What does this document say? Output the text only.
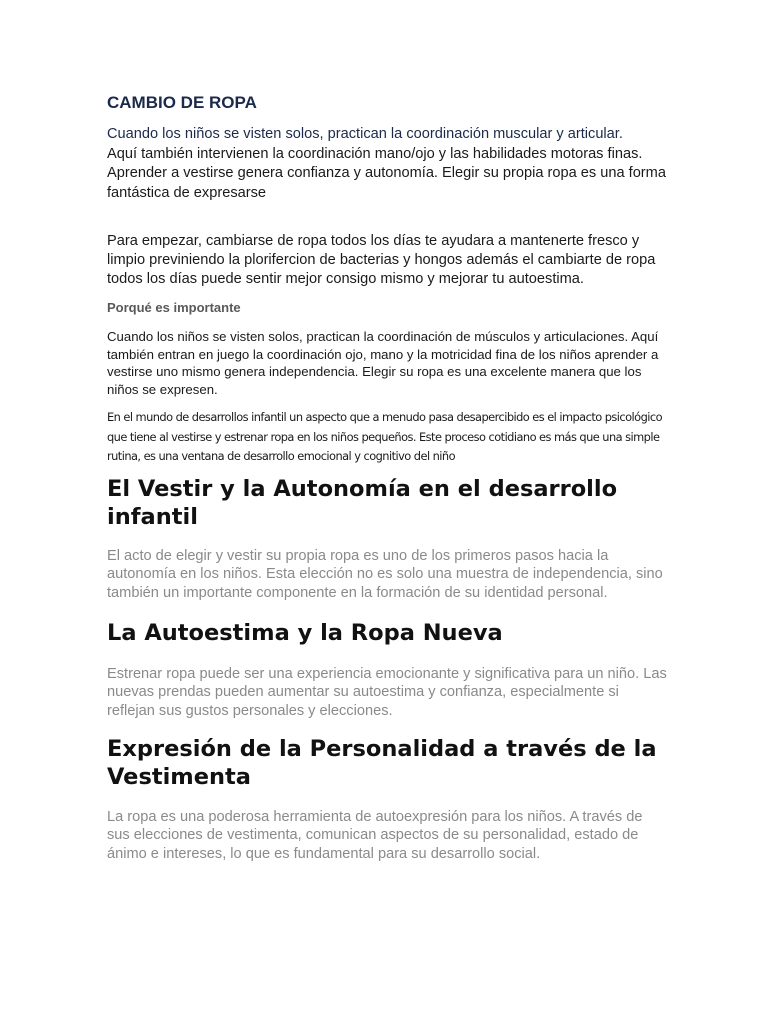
CAMBIO DE ROPA

Cuando los niños se visten solos, practican la coordinación muscular y articular.
Aquí también intervienen la coordinación mano/ojo y las habilidades motoras finas. Aprender a vestirse genera confianza y autonomía. Elegir su propia ropa es una forma fantástica de expresarse

Para empezar, cambiarse de ropa todos los días te ayudara a mantenerte fresco y limpio previniendo la plorifercion de bacterias y hongos además el cambiarte de ropa todos los días puede sentir mejor consigo mismo y mejorar tu autoestima.

Porqué es importante

Cuando los niños se visten solos, practican la coordinación de músculos y articulaciones. Aquí también entran en juego la coordinación ojo, mano y la motricidad fina de los niños aprender a vestirse uno mismo genera independencia. Elegir su ropa es una excelente manera que los niños se expresen.

En el mundo de desarrollos infantil un aspecto que a menudo pasa desapercibido es el impacto psicológico que tiene al vestirse y estrenar ropa en los niños pequeños. Este proceso cotidiano es más que una simple rutina, es una ventana de desarrollo emocional y cognitivo del niño

El Vestir y la Autonomía en el desarrollo infantil

El acto de elegir y vestir su propia ropa es uno de los primeros pasos hacia la autonomía en los niños. Esta elección no es solo una muestra de independencia, sino también un importante componente en la formación de su identidad personal.

La Autoestima y la Ropa Nueva

Estrenar ropa puede ser una experiencia emocionante y significativa para un niño. Las nuevas prendas pueden aumentar su autoestima y confianza, especialmente si reflejan sus gustos personales y elecciones.

Expresión de la Personalidad a través de la Vestimenta

La ropa es una poderosa herramienta de autoexpresión para los niños. A través de sus elecciones de vestimenta, comunican aspectos de su personalidad, estado de ánimo e intereses, lo que es fundamental para su desarrollo social.
